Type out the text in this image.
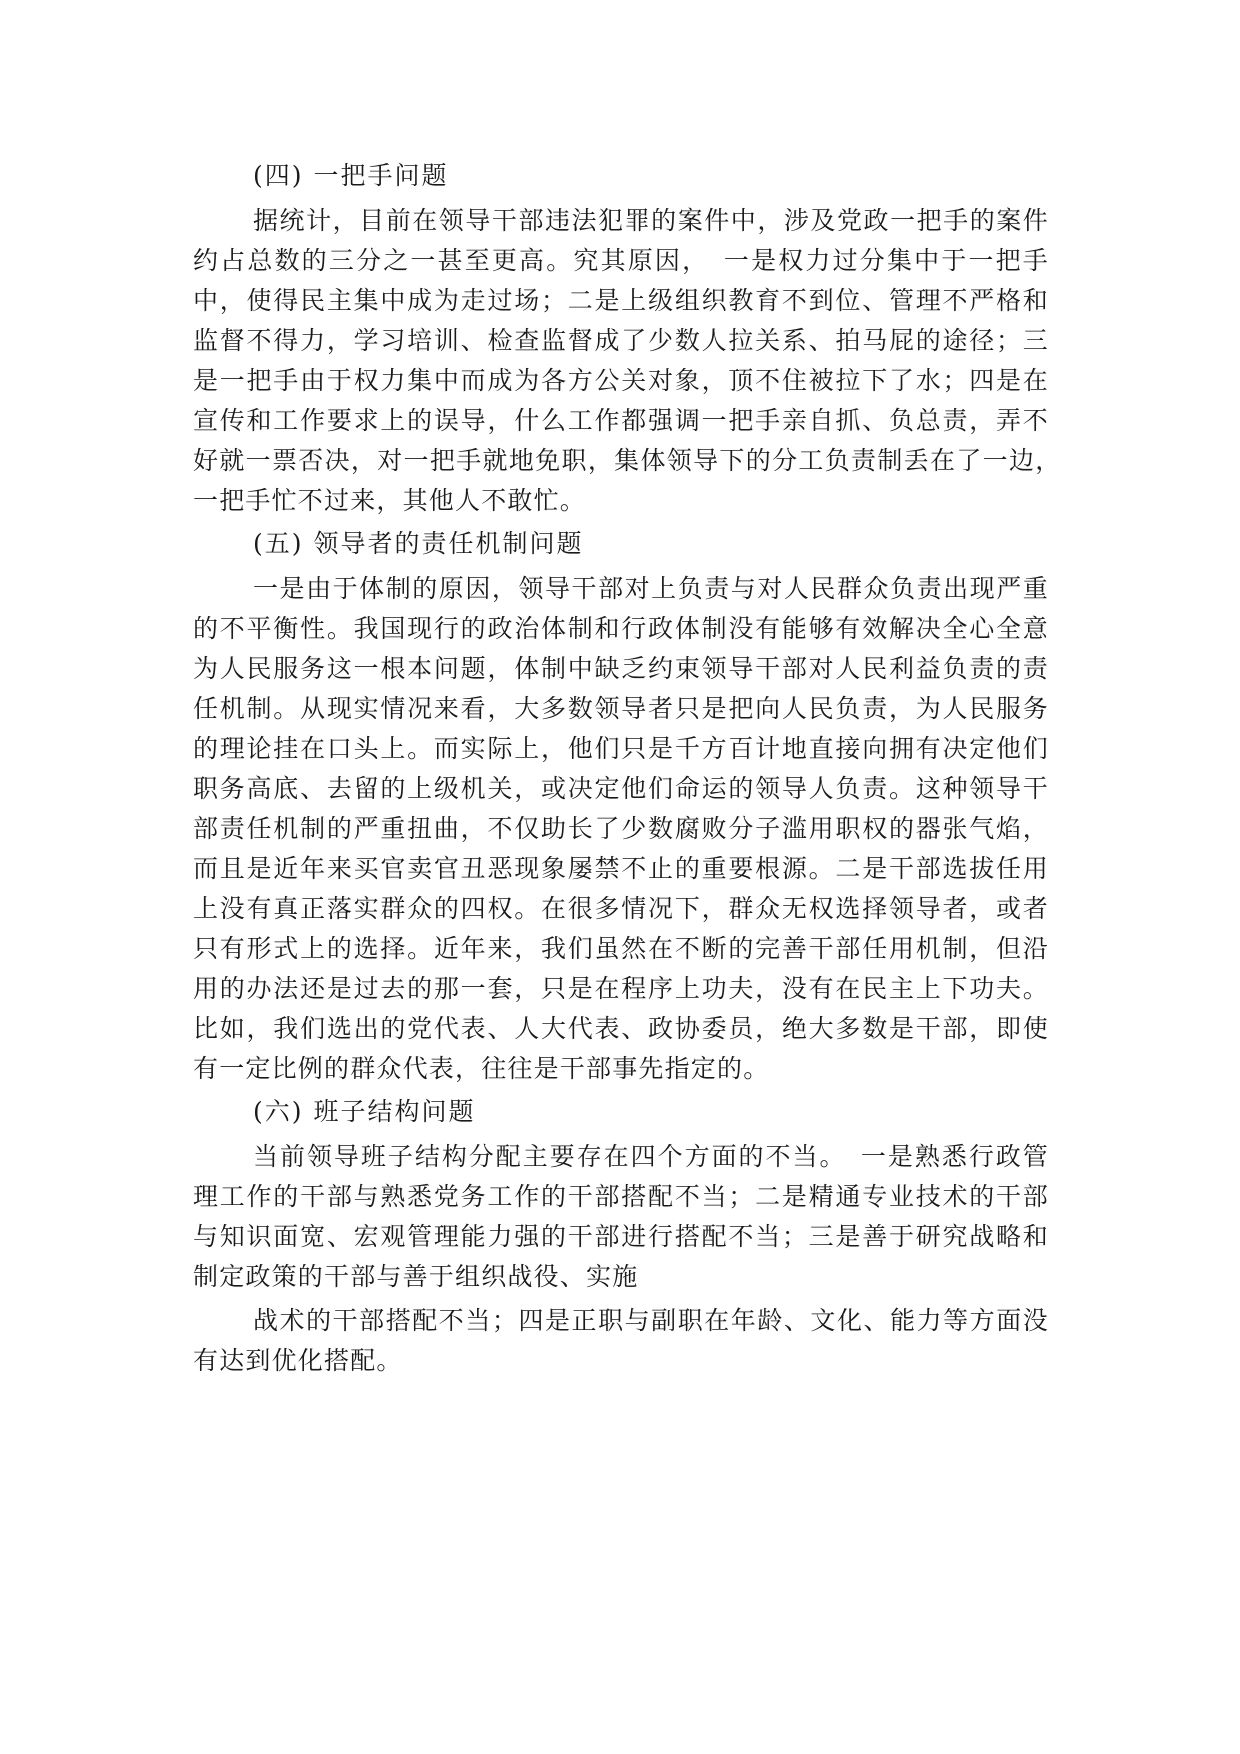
(四) 一把手问题

据统计，目前在领导干部违法犯罪的案件中，涉及党政一把手的案件约占总数的三分之一甚至更高。究其原因，　一是权力过分集中于一把手中，使得民主集中成为走过场；二是上级组织教育不到位、管理不严格和监督不得力，学习培训、检查监督成了少数人拉关系、拍马屁的途径；三是一把手由于权力集中而成为各方公关对象，顶不住被拉下了水；四是在宣传和工作要求上的误导，什么工作都强调一把手亲自抓、负总责，弄不好就一票否决，对一把手就地免职，集体领导下的分工负责制丢在了一边，　一把手忙不过来，其他人不敢忙。

(五) 领导者的责任机制问题

一是由于体制的原因，领导干部对上负责与对人民群众负责出现严重的不平衡性。我国现行的政治体制和行政体制没有能够有效解决全心全意为人民服务这一根本问题，体制中缺乏约束领导干部对人民利益负责的责任机制。从现实情况来看，大多数领导者只是把向人民负责，为人民服务的理论挂在口头上。而实际上，他们只是千方百计地直接向拥有决定他们职务高底、去留的上级机关，或决定他们命运的领导人负责。这种领导干部责任机制的严重扭曲，不仅助长了少数腐败分子滥用职权的器张气焰，而且是近年来买官卖官丑恶现象屡禁不止的重要根源。二是干部选拔任用上没有真正落实群众的四权。在很多情况下，群众无权选择领导者，或者只有形式上的选择。近年来，我们虽然在不断的完善干部任用机制，但沿用的办法还是过去的那一套，只是在程序上功夫，没有在民主上下功夫。比如，我们选出的党代表、人大代表、政协委员，绝大多数是干部，即使有一定比例的群众代表，往往是干部事先指定的。

(六) 班子结构问题

当前领导班子结构分配主要存在四个方面的不当。　一是熟悉行政管理工作的干部与熟悉党务工作的干部搭配不当；二是精通专业技术的干部与知识面宽、宏观管理能力强的干部进行搭配不当；三是善于研究战略和制定政策的干部与善于组织战役、实施

战术的干部搭配不当；四是正职与副职在年龄、文化、能力等方面没有达到优化搭配。
